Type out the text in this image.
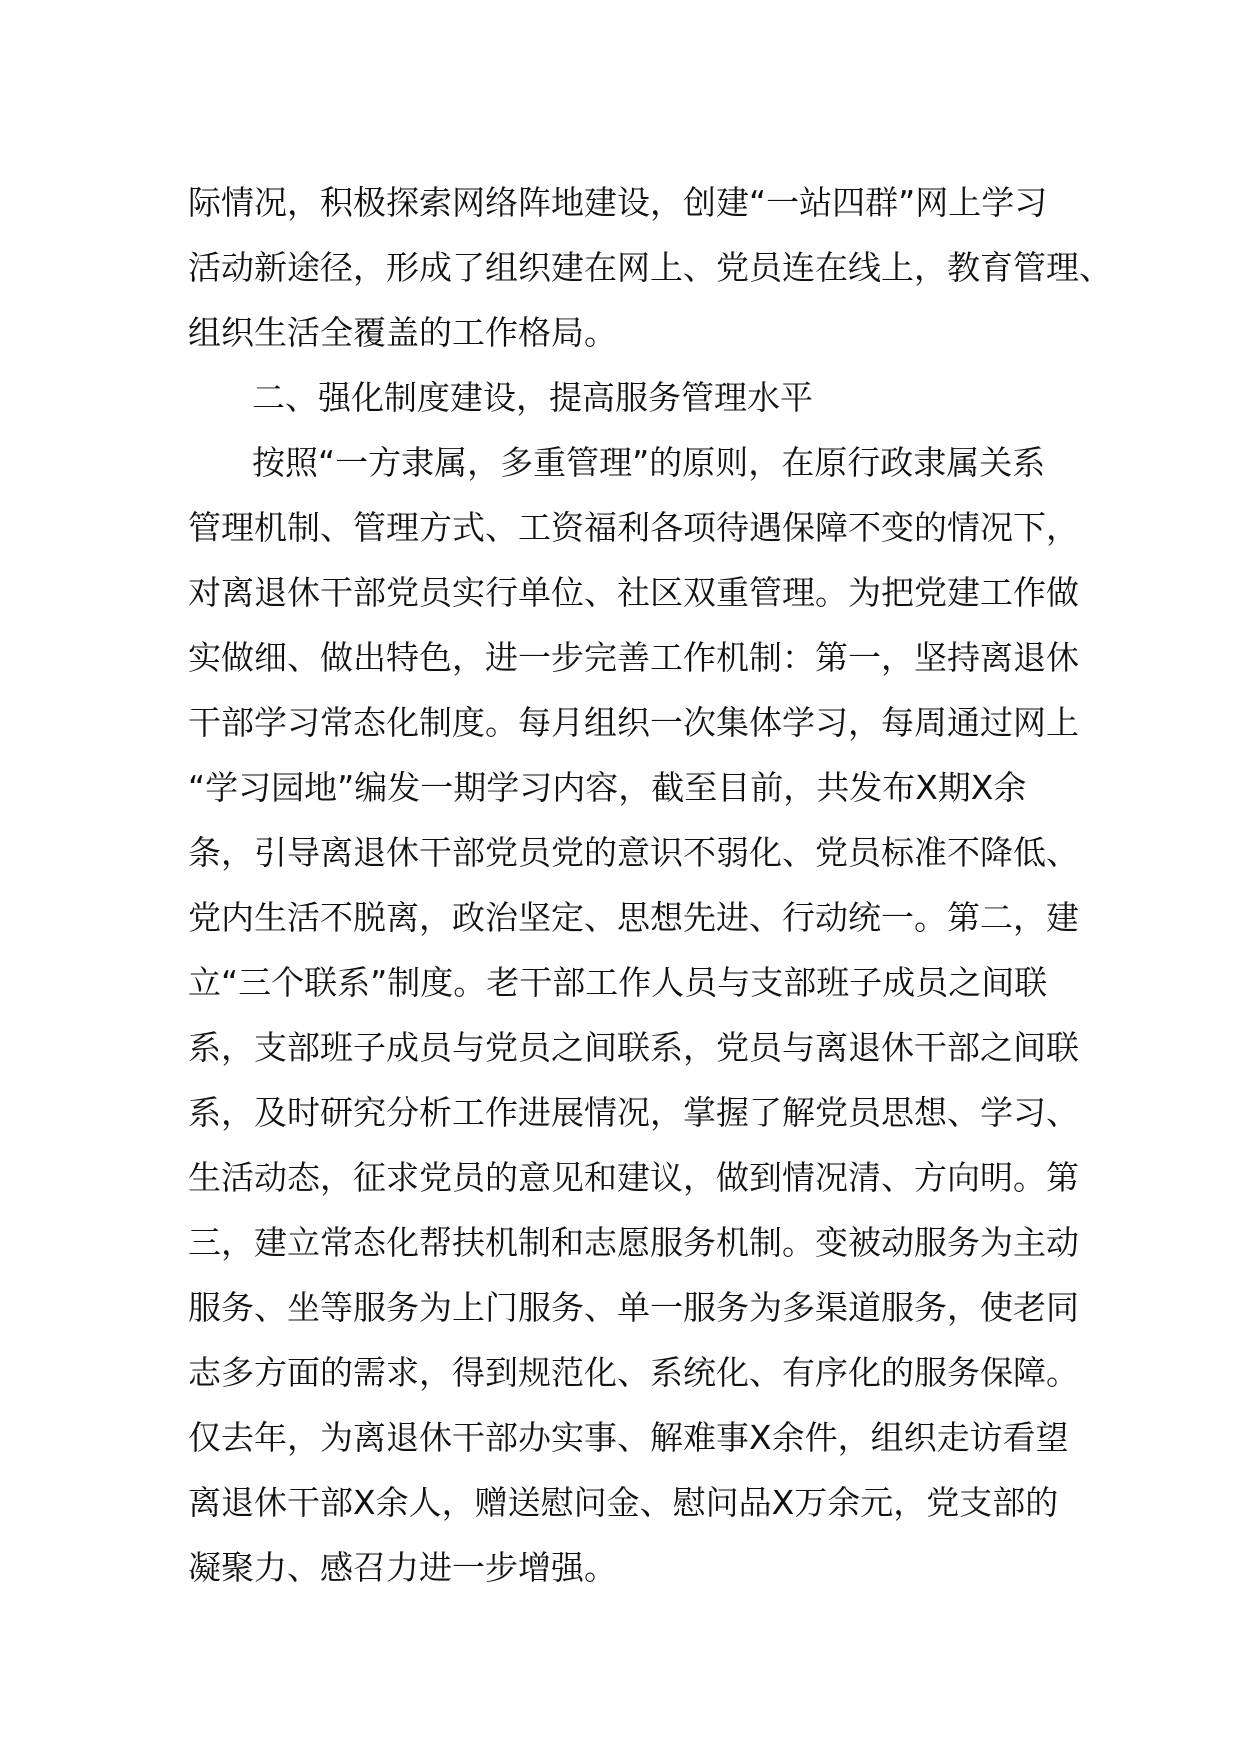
际情况，积极探索网络阵地建设，创建“一站四群”网上学习
活动新途径，形成了组织建在网上、党员连在线上，教育管理、
组织生活全覆盖的工作格局。
二、强化制度建设，提高服务管理水平
按照“一方隶属，多重管理”的原则，在原行政隶属关系
管理机制、管理方式、工资福利各项待遇保障不变的情况下，
对离退休干部党员实行单位、社区双重管理。为把党建工作做
实做细、做出特色，进一步完善工作机制：第一，坚持离退休
干部学习常态化制度。每月组织一次集体学习，每周通过网上
“学习园地”编发一期学习内容，截至目前，共发布X期X余
条，引导离退休干部党员党的意识不弱化、党员标准不降低、
党内生活不脱离，政治坚定、思想先进、行动统一。第二，建
立“三个联系”制度。老干部工作人员与支部班子成员之间联
系，支部班子成员与党员之间联系，党员与离退休干部之间联
系，及时研究分析工作进展情况，掌握了解党员思想、学习、
生活动态，征求党员的意见和建议，做到情况清、方向明。第
三，建立常态化帮扶机制和志愿服务机制。变被动服务为主动
服务、坐等服务为上门服务、单一服务为多渠道服务，使老同
志多方面的需求，得到规范化、系统化、有序化的服务保障。
仅去年，为离退休干部办实事、解难事X余件，组织走访看望
离退休干部X余人，赠送慰问金、慰问品X万余元，党支部的
凝聚力、感召力进一步增强。
